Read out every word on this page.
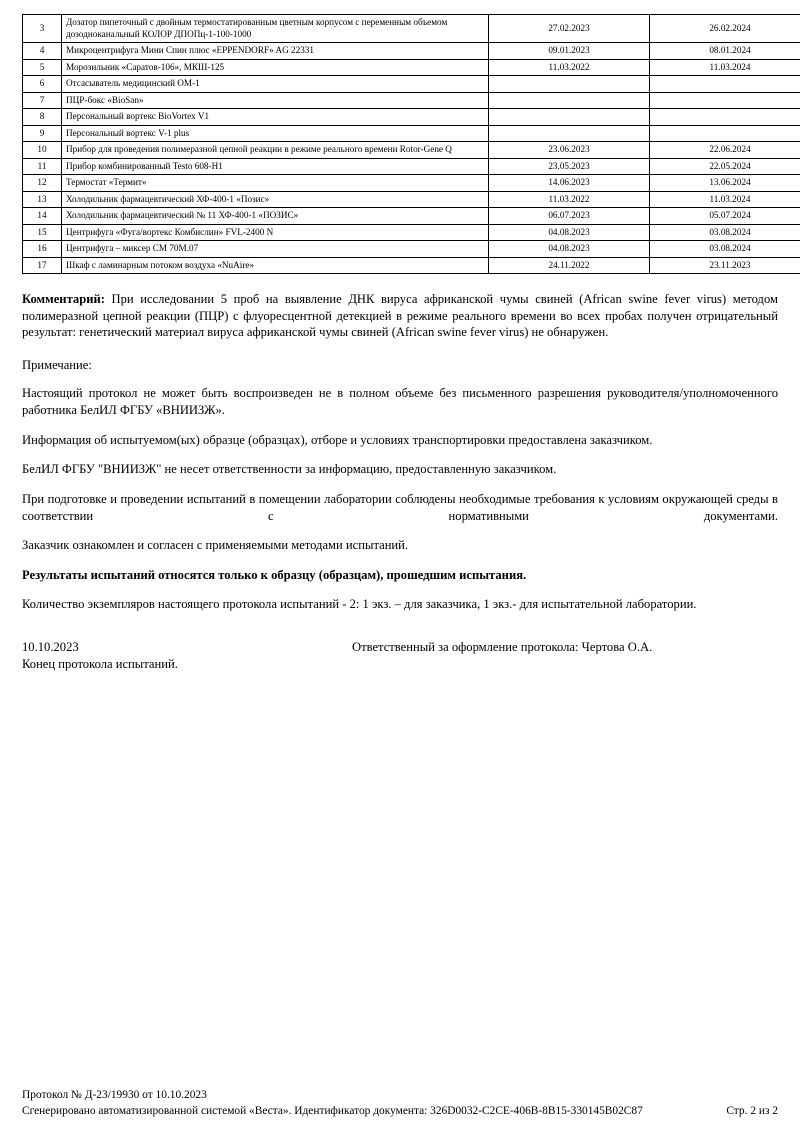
3	Дозатор пипеточный с двойным термостатированным цветным корпусом с переменным объемом дозодноканальный КОЛОР ДПОПц-1-100-1000	27.02.2023	26.02.2024
4	Микроцентрифуга Мини Спин плюс «EPPENDORF» AG 22331	09.01.2023	08.01.2024
5	Морозильник «Саратов-106», МКШ-125	11.03.2022	11.03.2024
6	Отсасыватель медицинский ОМ-1		
7	ПЦР-бокс «BioSan»		
8	Персональный вортекс BioVortex V1		
9	Персональный вортекс V-1 plus		
10	Прибор для проведения полимеразной цепной реакции в режиме реального времени Rotor-Gene Q	23.06.2023	22.06.2024
11	Прибор комбинированный Testo 608-H1	23.05.2023	22.05.2024
12	Термостат «Термит»	14.06.2023	13.06.2024
13	Холодильник фармацевтический ХФ-400-1 «Позис»	11.03.2022	11.03.2024
14	Холодильник фармацевтический № 11 ХФ-400-1 «ПОЗИС»	06.07.2023	05.07.2024
15	Центрифуга «Фуга/вортекс Комбислин» FVL-2400 N	04.08.2023	03.08.2024
16	Центрифуга – миксер СМ 70М.07	04.08.2023	03.08.2024
17	Шкаф с ламинарным потоком воздуха «NuAire»	24.11.2022	23.11.2023

Комментарий: При исследовании 5 проб на выявление ДНК вируса африканской чумы свиней (African swine fever virus) методом полимеразной цепной реакции (ПЦР) с флуоресцентной детекцией в режиме реального времени во всех пробах получен отрицательный результат: генетический материал вируса африканской чумы свиней (African swine fever virus) не обнаружен.

Примечание:

Настоящий протокол не может быть воспроизведен не в полном объеме без письменного разрешения руководителя/уполномоченного работника БелИЛ ФГБУ «ВНИИЗЖ».

Информация об испытуемом(ых) образце (образцах), отборе и условиях транспортировки предоставлена заказчиком.

БелИЛ ФГБУ "ВНИИЗЖ" не несет ответственности за информацию, предоставленную заказчиком.

При подготовке и проведении испытаний в помещении лаборатории соблюдены необходимые требования к условиям окружающей среды в соответствии с нормативными документами.

Заказчик ознакомлен и согласен с применяемыми методами испытаний.

Результаты испытаний относятся только к образцу (образцам), прошедшим испытания.

Количество экземпляров настоящего протокола испытаний - 2: 1 экз. – для заказчика, 1 экз.- для испытательной лаборатории.

10.10.2023	Ответственный за оформление протокола: Чертова О.А.
Конец протокола испытаний.
Протокол № Д-23/19930 от 10.10.2023
Сгенерировано автоматизированной системой «Веста». Идентификатор документа: 326D0032-C2CE-406B-8B15-330145B02C87	Стр. 2 из 2
